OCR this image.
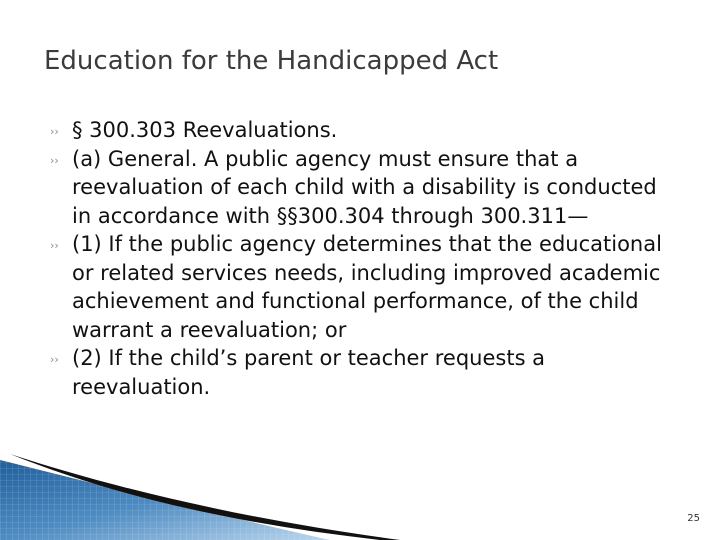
Education for the Handicapped Act
›› § 300.303 Reevaluations.
›› (a) General. A public agency must ensure that a reevaluation of each child with a disability is conducted in accordance with §§300.304 through 300.311—
›› (1) If the public agency determines that the educational or related services needs, including improved academic achievement and functional performance, of the child warrant a reevaluation; or
›› (2) If the child’s parent or teacher requests a reevaluation.
25
